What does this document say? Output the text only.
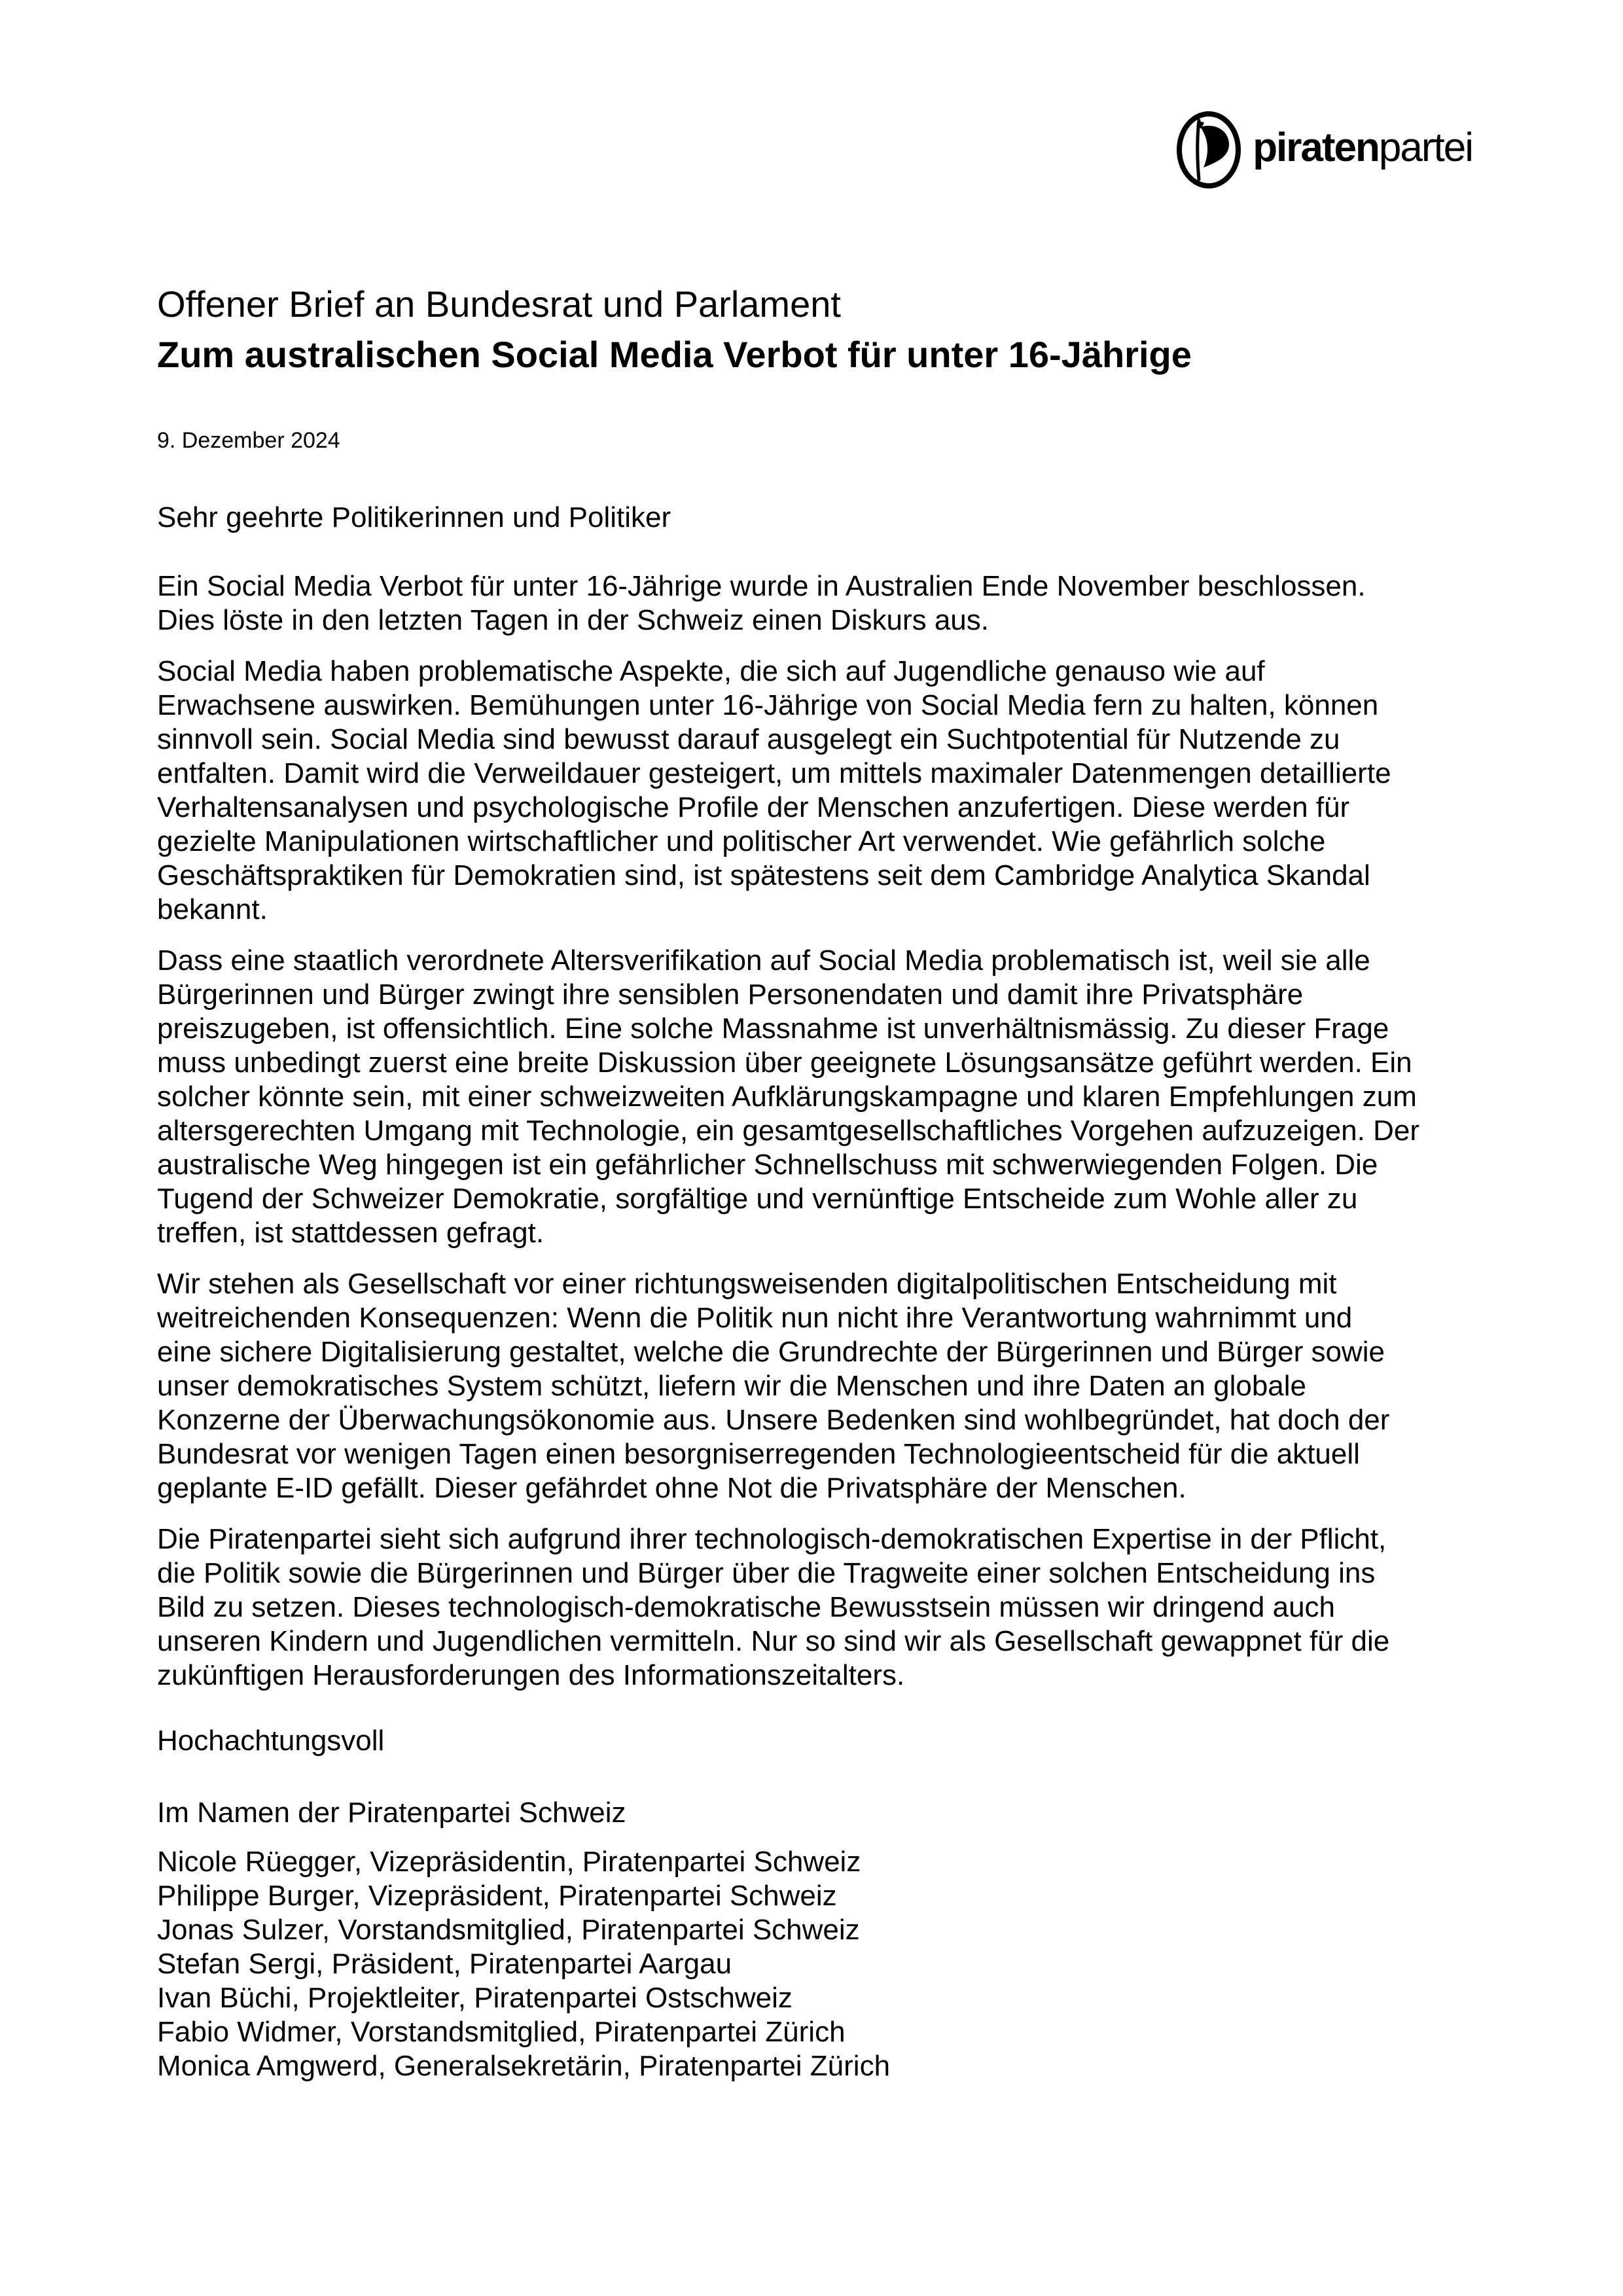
piratenpartei
Offener Brief an Bundesrat und Parlament
Zum australischen Social Media Verbot für unter 16-Jährige
9. Dezember 2024
Sehr geehrte Politikerinnen und Politiker

Ein Social Media Verbot für unter 16-Jährige wurde in Australien Ende November beschlossen.
Dies löste in den letzten Tagen in der Schweiz einen Diskurs aus.

Social Media haben problematische Aspekte, die sich auf Jugendliche genauso wie auf
Erwachsene auswirken. Bemühungen unter 16-Jährige von Social Media fern zu halten, können
sinnvoll sein. Social Media sind bewusst darauf ausgelegt ein Suchtpotential für Nutzende zu
entfalten. Damit wird die Verweildauer gesteigert, um mittels maximaler Datenmengen detaillierte
Verhaltensanalysen und psychologische Profile der Menschen anzufertigen. Diese werden für
gezielte Manipulationen wirtschaftlicher und politischer Art verwendet. Wie gefährlich solche
Geschäftspraktiken für Demokratien sind, ist spätestens seit dem Cambridge Analytica Skandal
bekannt.

Dass eine staatlich verordnete Altersverifikation auf Social Media problematisch ist, weil sie alle
Bürgerinnen und Bürger zwingt ihre sensiblen Personendaten und damit ihre Privatsphäre
preiszugeben, ist offensichtlich. Eine solche Massnahme ist unverhältnismässig. Zu dieser Frage
muss unbedingt zuerst eine breite Diskussion über geeignete Lösungsansätze geführt werden. Ein
solcher könnte sein, mit einer schweizweiten Aufklärungskampagne und klaren Empfehlungen zum
altersgerechten Umgang mit Technologie, ein gesamtgesellschaftliches Vorgehen aufzuzeigen. Der
australische Weg hingegen ist ein gefährlicher Schnellschuss mit schwerwiegenden Folgen. Die
Tugend der Schweizer Demokratie, sorgfältige und vernünftige Entscheide zum Wohle aller zu
treffen, ist stattdessen gefragt.

Wir stehen als Gesellschaft vor einer richtungsweisenden digitalpolitischen Entscheidung mit
weitreichenden Konsequenzen: Wenn die Politik nun nicht ihre Verantwortung wahrnimmt und
eine sichere Digitalisierung gestaltet, welche die Grundrechte der Bürgerinnen und Bürger sowie
unser demokratisches System schützt, liefern wir die Menschen und ihre Daten an globale
Konzerne der Überwachungsökonomie aus. Unsere Bedenken sind wohlbegründet, hat doch der
Bundesrat vor wenigen Tagen einen besorgniserregenden Technologieentscheid für die aktuell
geplante E-ID gefällt. Dieser gefährdet ohne Not die Privatsphäre der Menschen.

Die Piratenpartei sieht sich aufgrund ihrer technologisch-demokratischen Expertise in der Pflicht,
die Politik sowie die Bürgerinnen und Bürger über die Tragweite einer solchen Entscheidung ins
Bild zu setzen. Dieses technologisch-demokratische Bewusstsein müssen wir dringend auch
unseren Kindern und Jugendlichen vermitteln. Nur so sind wir als Gesellschaft gewappnet für die
zukünftigen Herausforderungen des Informationszeitalters.

Hochachtungsvoll
Im Namen der Piratenpartei Schweiz
Nicole Rüegger, Vizepräsidentin, Piratenpartei Schweiz
Philippe Burger, Vizepräsident, Piratenpartei Schweiz
Jonas Sulzer, Vorstandsmitglied, Piratenpartei Schweiz
Stefan Sergi, Präsident, Piratenpartei Aargau
Ivan Büchi, Projektleiter, Piratenpartei Ostschweiz
Fabio Widmer, Vorstandsmitglied, Piratenpartei Zürich
Monica Amgwerd, Generalsekretärin, Piratenpartei Zürich
